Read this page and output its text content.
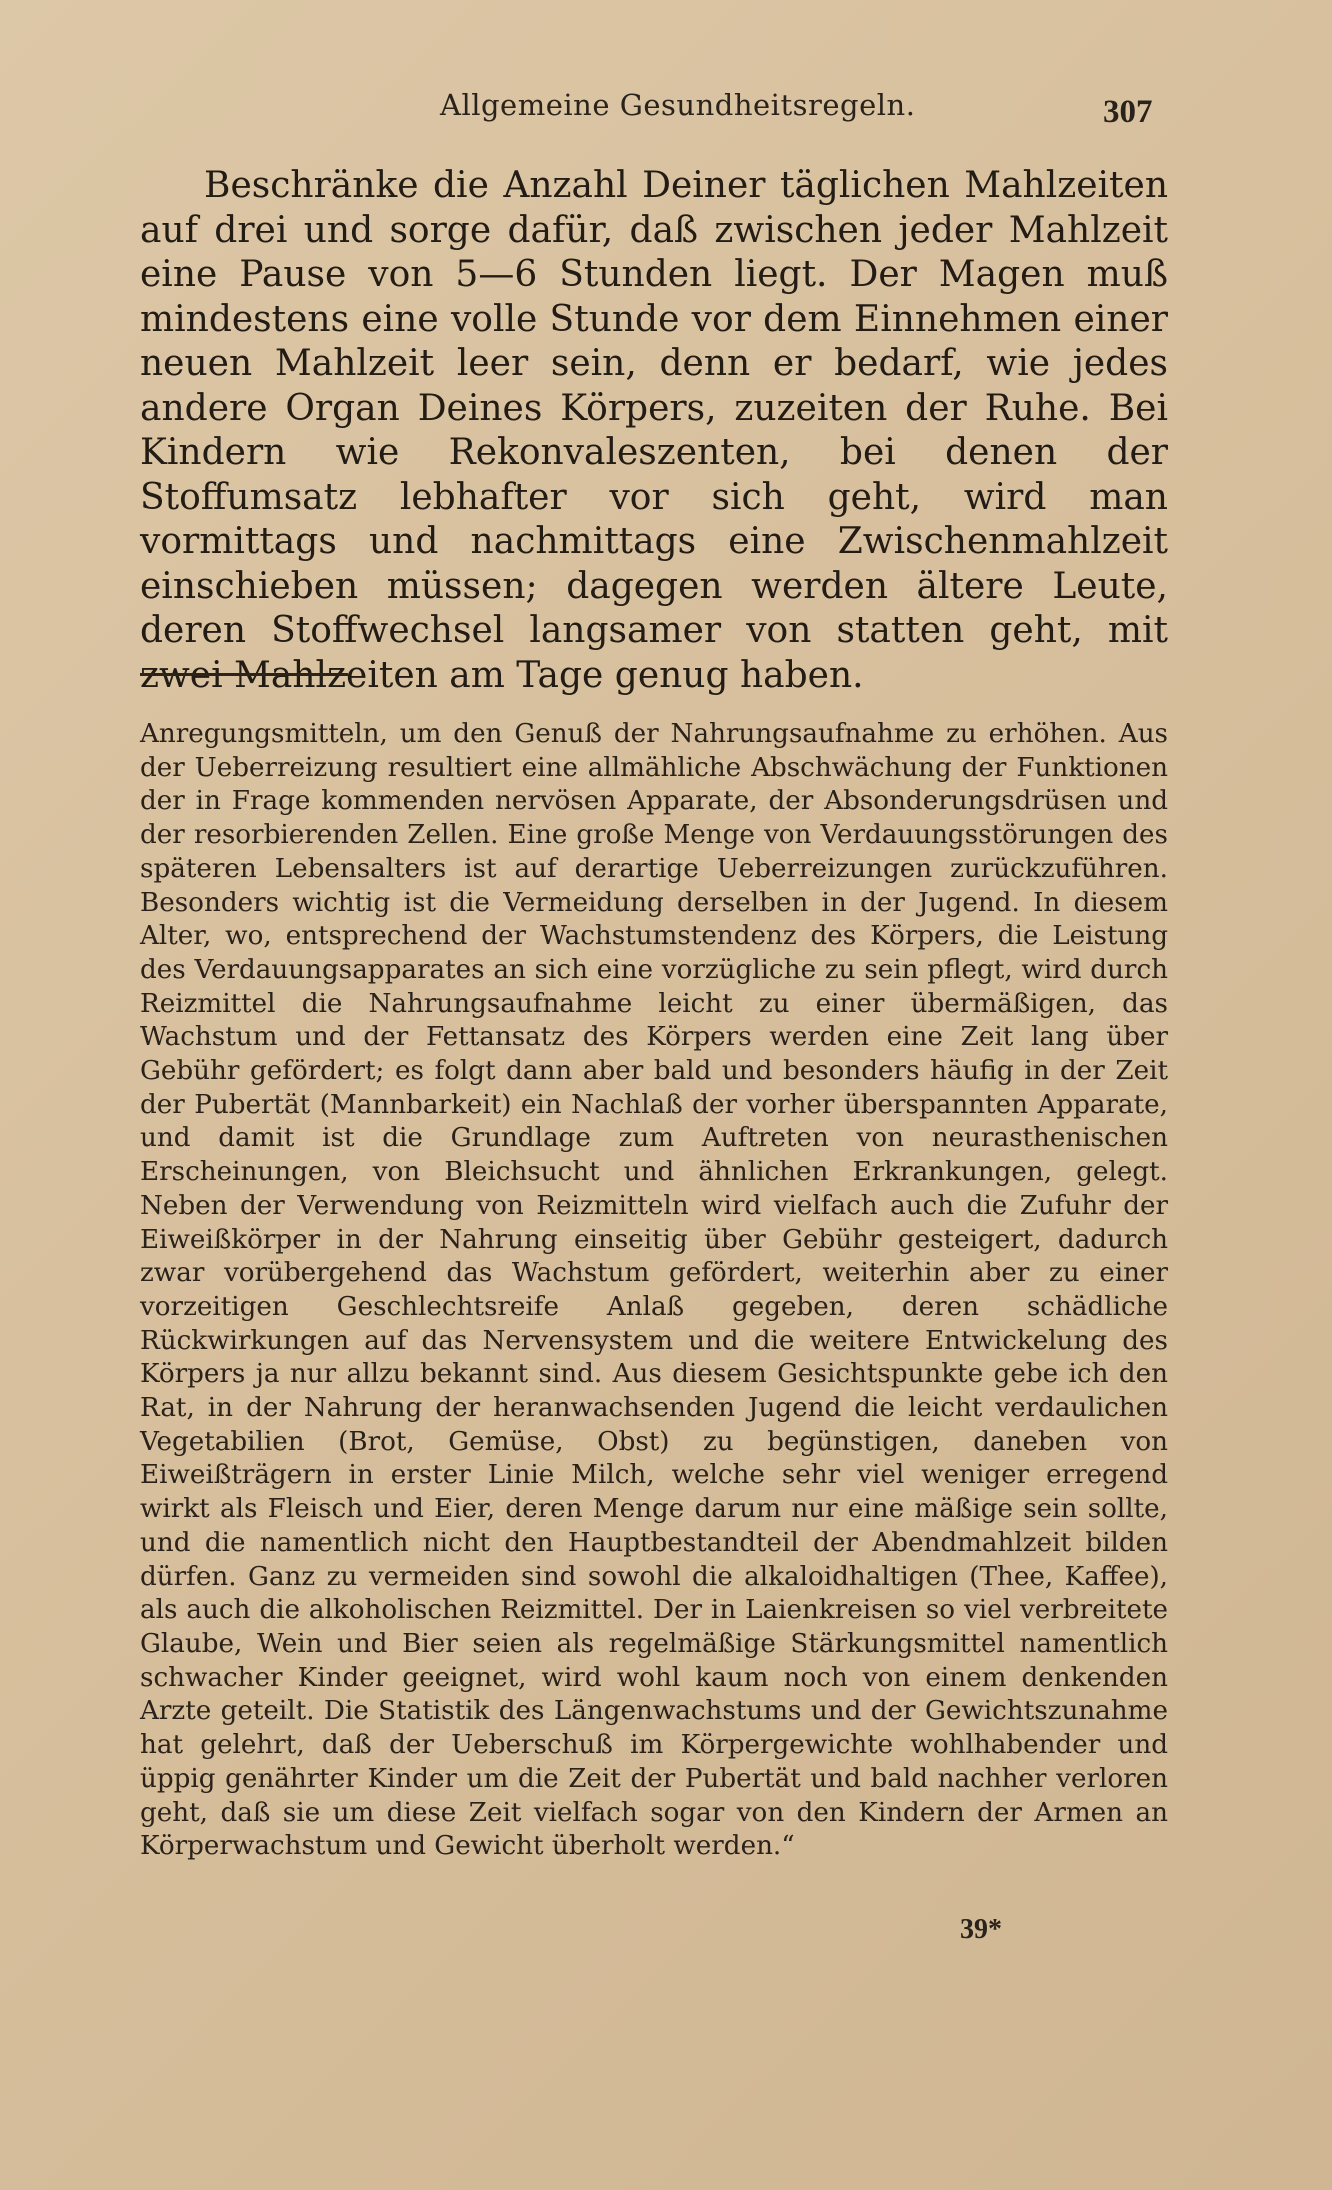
Allgemeine Gesundheitsregeln.	307

Beschränke die Anzahl Deiner täglichen Mahlzeiten auf drei und sorge dafür, daß zwischen jeder Mahlzeit eine Pause von 5—6 Stunden liegt. Der Magen muß mindestens eine volle Stunde vor dem Einnehmen einer neuen Mahlzeit leer sein, denn er bedarf, wie jedes andere Organ Deines Körpers, zuzeiten der Ruhe. Bei Kindern wie Rekonvaleszenten, bei denen der Stoffumsatz lebhafter vor sich geht, wird man vormittags und nachmittags eine Zwischenmahlzeit einschieben müssen; dagegen werden ältere Leute, deren Stoffwechsel langsamer von statten geht, mit zwei Mahlzeiten am Tage genug haben.

Anregungsmitteln, um den Genuß der Nahrungsaufnahme zu erhöhen. Aus der Ueberreizung resultiert eine allmähliche Abschwächung der Funktionen der in Frage kommenden nervösen Apparate, der Absonderungsdrüsen und der resorbierenden Zellen. Eine große Menge von Verdauungsstörungen des späteren Lebensalters ist auf derartige Ueberreizungen zurückzuführen. Besonders wichtig ist die Vermeidung derselben in der Jugend. In diesem Alter, wo, entsprechend der Wachstumstendenz des Körpers, die Leistung des Verdauungsapparates an sich eine vorzügliche zu sein pflegt, wird durch Reizmittel die Nahrungsaufnahme leicht zu einer übermäßigen, das Wachstum und der Fettansatz des Körpers werden eine Zeit lang über Gebühr gefördert; es folgt dann aber bald und besonders häufig in der Zeit der Pubertät (Mannbarkeit) ein Nachlaß der vorher überspannten Apparate, und damit ist die Grundlage zum Auftreten von neurasthenischen Erscheinungen, von Bleichsucht und ähnlichen Erkrankungen, gelegt. Neben der Verwendung von Reizmitteln wird vielfach auch die Zufuhr der Eiweißkörper in der Nahrung einseitig über Gebühr gesteigert, dadurch zwar vorübergehend das Wachstum gefördert, weiterhin aber zu einer vorzeitigen Geschlechtsreife Anlaß gegeben, deren schädliche Rückwirkungen auf das Nervensystem und die weitere Entwickelung des Körpers ja nur allzu bekannt sind. Aus diesem Gesichtspunkte gebe ich den Rat, in der Nahrung der heranwachsenden Jugend die leicht verdaulichen Vegetabilien (Brot, Gemüse, Obst) zu begünstigen, daneben von Eiweißträgern in erster Linie Milch, welche sehr viel weniger erregend wirkt als Fleisch und Eier, deren Menge darum nur eine mäßige sein sollte, und die namentlich nicht den Hauptbestandteil der Abendmahlzeit bilden dürfen. Ganz zu vermeiden sind sowohl die alkaloidhaltigen (Thee, Kaffee), als auch die alkoholischen Reizmittel. Der in Laienkreisen so viel verbreitete Glaube, Wein und Bier seien als regelmäßige Stärkungsmittel namentlich schwacher Kinder geeignet, wird wohl kaum noch von einem denkenden Arzte geteilt. Die Statistik des Längenwachstums und der Gewichtszunahme hat gelehrt, daß der Ueberschuß im Körpergewichte wohlhabender und üppig genährter Kinder um die Zeit der Pubertät und bald nachher verloren geht, daß sie um diese Zeit vielfach sogar von den Kindern der Armen an Körperwachstum und Gewicht überholt werden.“

39*
